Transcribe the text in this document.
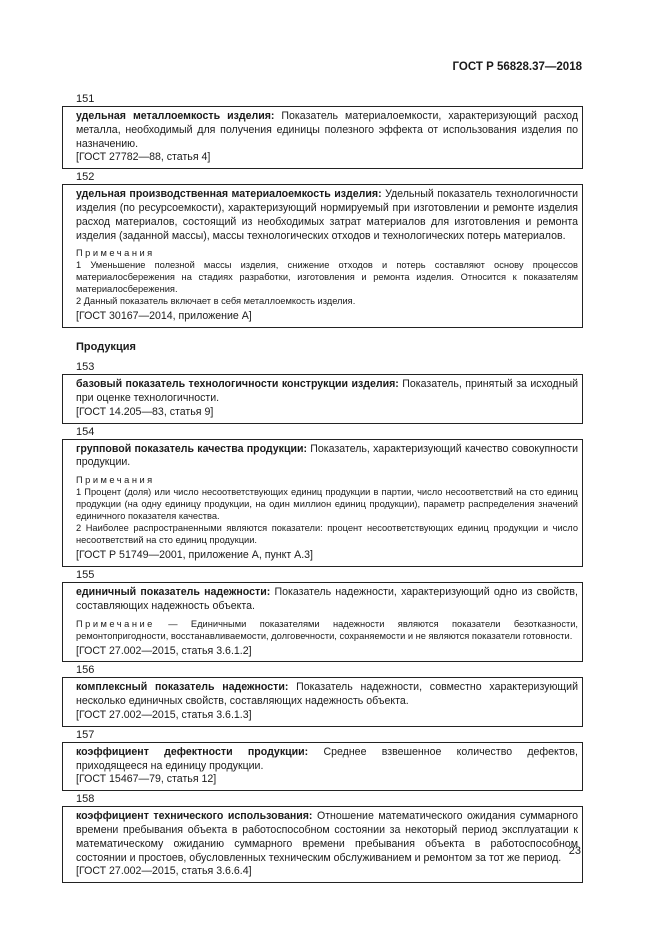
ГОСТ Р 56828.37—2018

151

удельная металлоемкость изделия: Показатель материалоемкости, характеризующий расход металла, необходимый для получения единицы полезного эффекта от использования изделия по назначению.
[ГОСТ 27782—88, статья 4]

152

удельная производственная материалоемкость изделия: Удельный показатель технологичности изделия (по ресурсоемкости), характеризующий нормируемый при изготовлении и ремонте изделия расход материалов, состоящий из необходимых затрат материалов для изготовления и ремонта изделия (заданной массы), массы технологических отходов и технологических потерь материалов.
Примечания
1 Уменьшение полезной массы изделия, снижение отходов и потерь составляют основу процессов материалосбережения на стадиях разработки, изготовления и ремонта изделия. Относится к показателям материалосбережения.
2 Данный показатель включает в себя металлоемкость изделия.
[ГОСТ 30167—2014, приложение А]
Продукция

153

базовый показатель технологичности конструкции изделия: Показатель, принятый за исходный при оценке технологичности.
[ГОСТ 14.205—83, статья 9]

154

групповой показатель качества продукции: Показатель, характеризующий качество совокупности продукции.
Примечания
1 Процент (доля) или число несоответствующих единиц продукции в партии, число несоответствий на сто единиц продукции (на одну единицу продукции, на один миллион единиц продукции), параметр распределения значений единичного показателя качества.
2 Наиболее распространенными являются показатели: процент несоответствующих единиц продукции и число несоответствий на сто единиц продукции.
[ГОСТ Р 51749—2001, приложение А, пункт А.3]

155

единичный показатель надежности: Показатель надежности, характеризующий одно из свойств, составляющих надежность объекта.
Примечание — Единичными показателями надежности являются показатели безотказности, ремонтопригодности, восстанавливаемости, долговечности, сохраняемости и не являются показатели готовности.
[ГОСТ 27.002—2015, статья 3.6.1.2]

156

комплексный показатель надежности: Показатель надежности, совместно характеризующий несколько единичных свойств, составляющих надежность объекта.
[ГОСТ 27.002—2015, статья 3.6.1.3]

157

коэффициент дефектности продукции: Среднее взвешенное количество дефектов, приходящееся на единицу продукции.
[ГОСТ 15467—79, статья 12]

158

коэффициент технического использования: Отношение математического ожидания суммарного времени пребывания объекта в работоспособном состоянии за некоторый период эксплуатации к математическому ожиданию суммарного времени пребывания объекта в работоспособном состоянии и простоев, обусловленных техническим обслуживанием и ремонтом за тот же период.
[ГОСТ 27.002—2015, статья 3.6.6.4]
23
